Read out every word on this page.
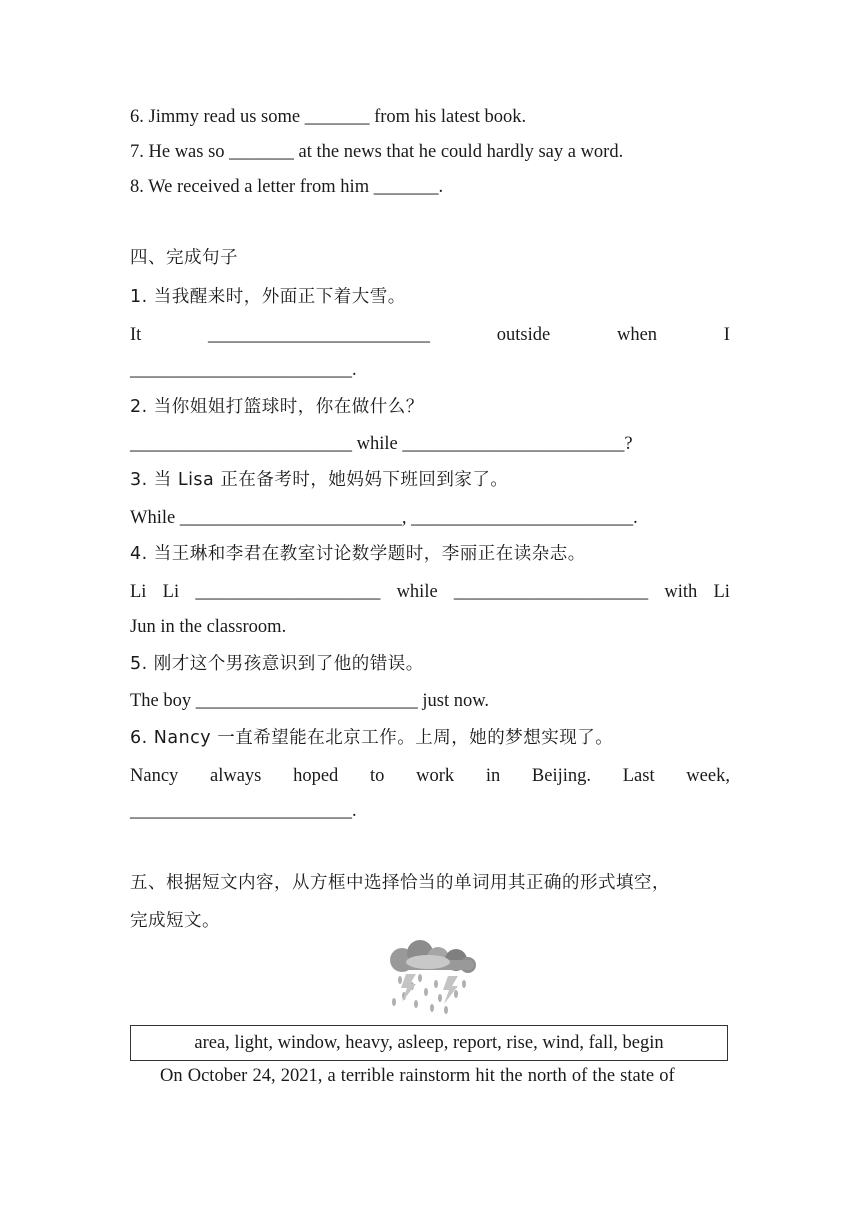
6. Jimmy read us some _______ from his latest book.
7. He was so _______ at the news that he could hardly say a word.
8. We received a letter from him _______.
四、完成句子
1. 当我醒来时，外面正下着大雪。
It	________________________	outside	when	I
________________________.
2. 当你姐姐打篮球时，你在做什么？
________________________ while ________________________?
3. 当 Lisa 正在备考时，她妈妈下班回到家了。
While ________________________, ________________________.
4. 当王琳和李君在教室讨论数学题时，李丽正在读杂志。
Li Li ____________________ while _____________________ with Li
Jun in the classroom.
5. 刚才这个男孩意识到了他的错误。
The boy ________________________ just now.
6. Nancy 一直希望能在北京工作。上周，她的梦想实现了。
Nancy always hoped to work in Beijing. Last week,
________________________.
五、根据短文内容，从方框中选择恰当的单词用其正确的形式填空，
完成短文。
area, light, window, heavy, asleep, report, rise, wind, fall, begin
On October 24, 2021, a terrible rainstorm hit the north of the state of
